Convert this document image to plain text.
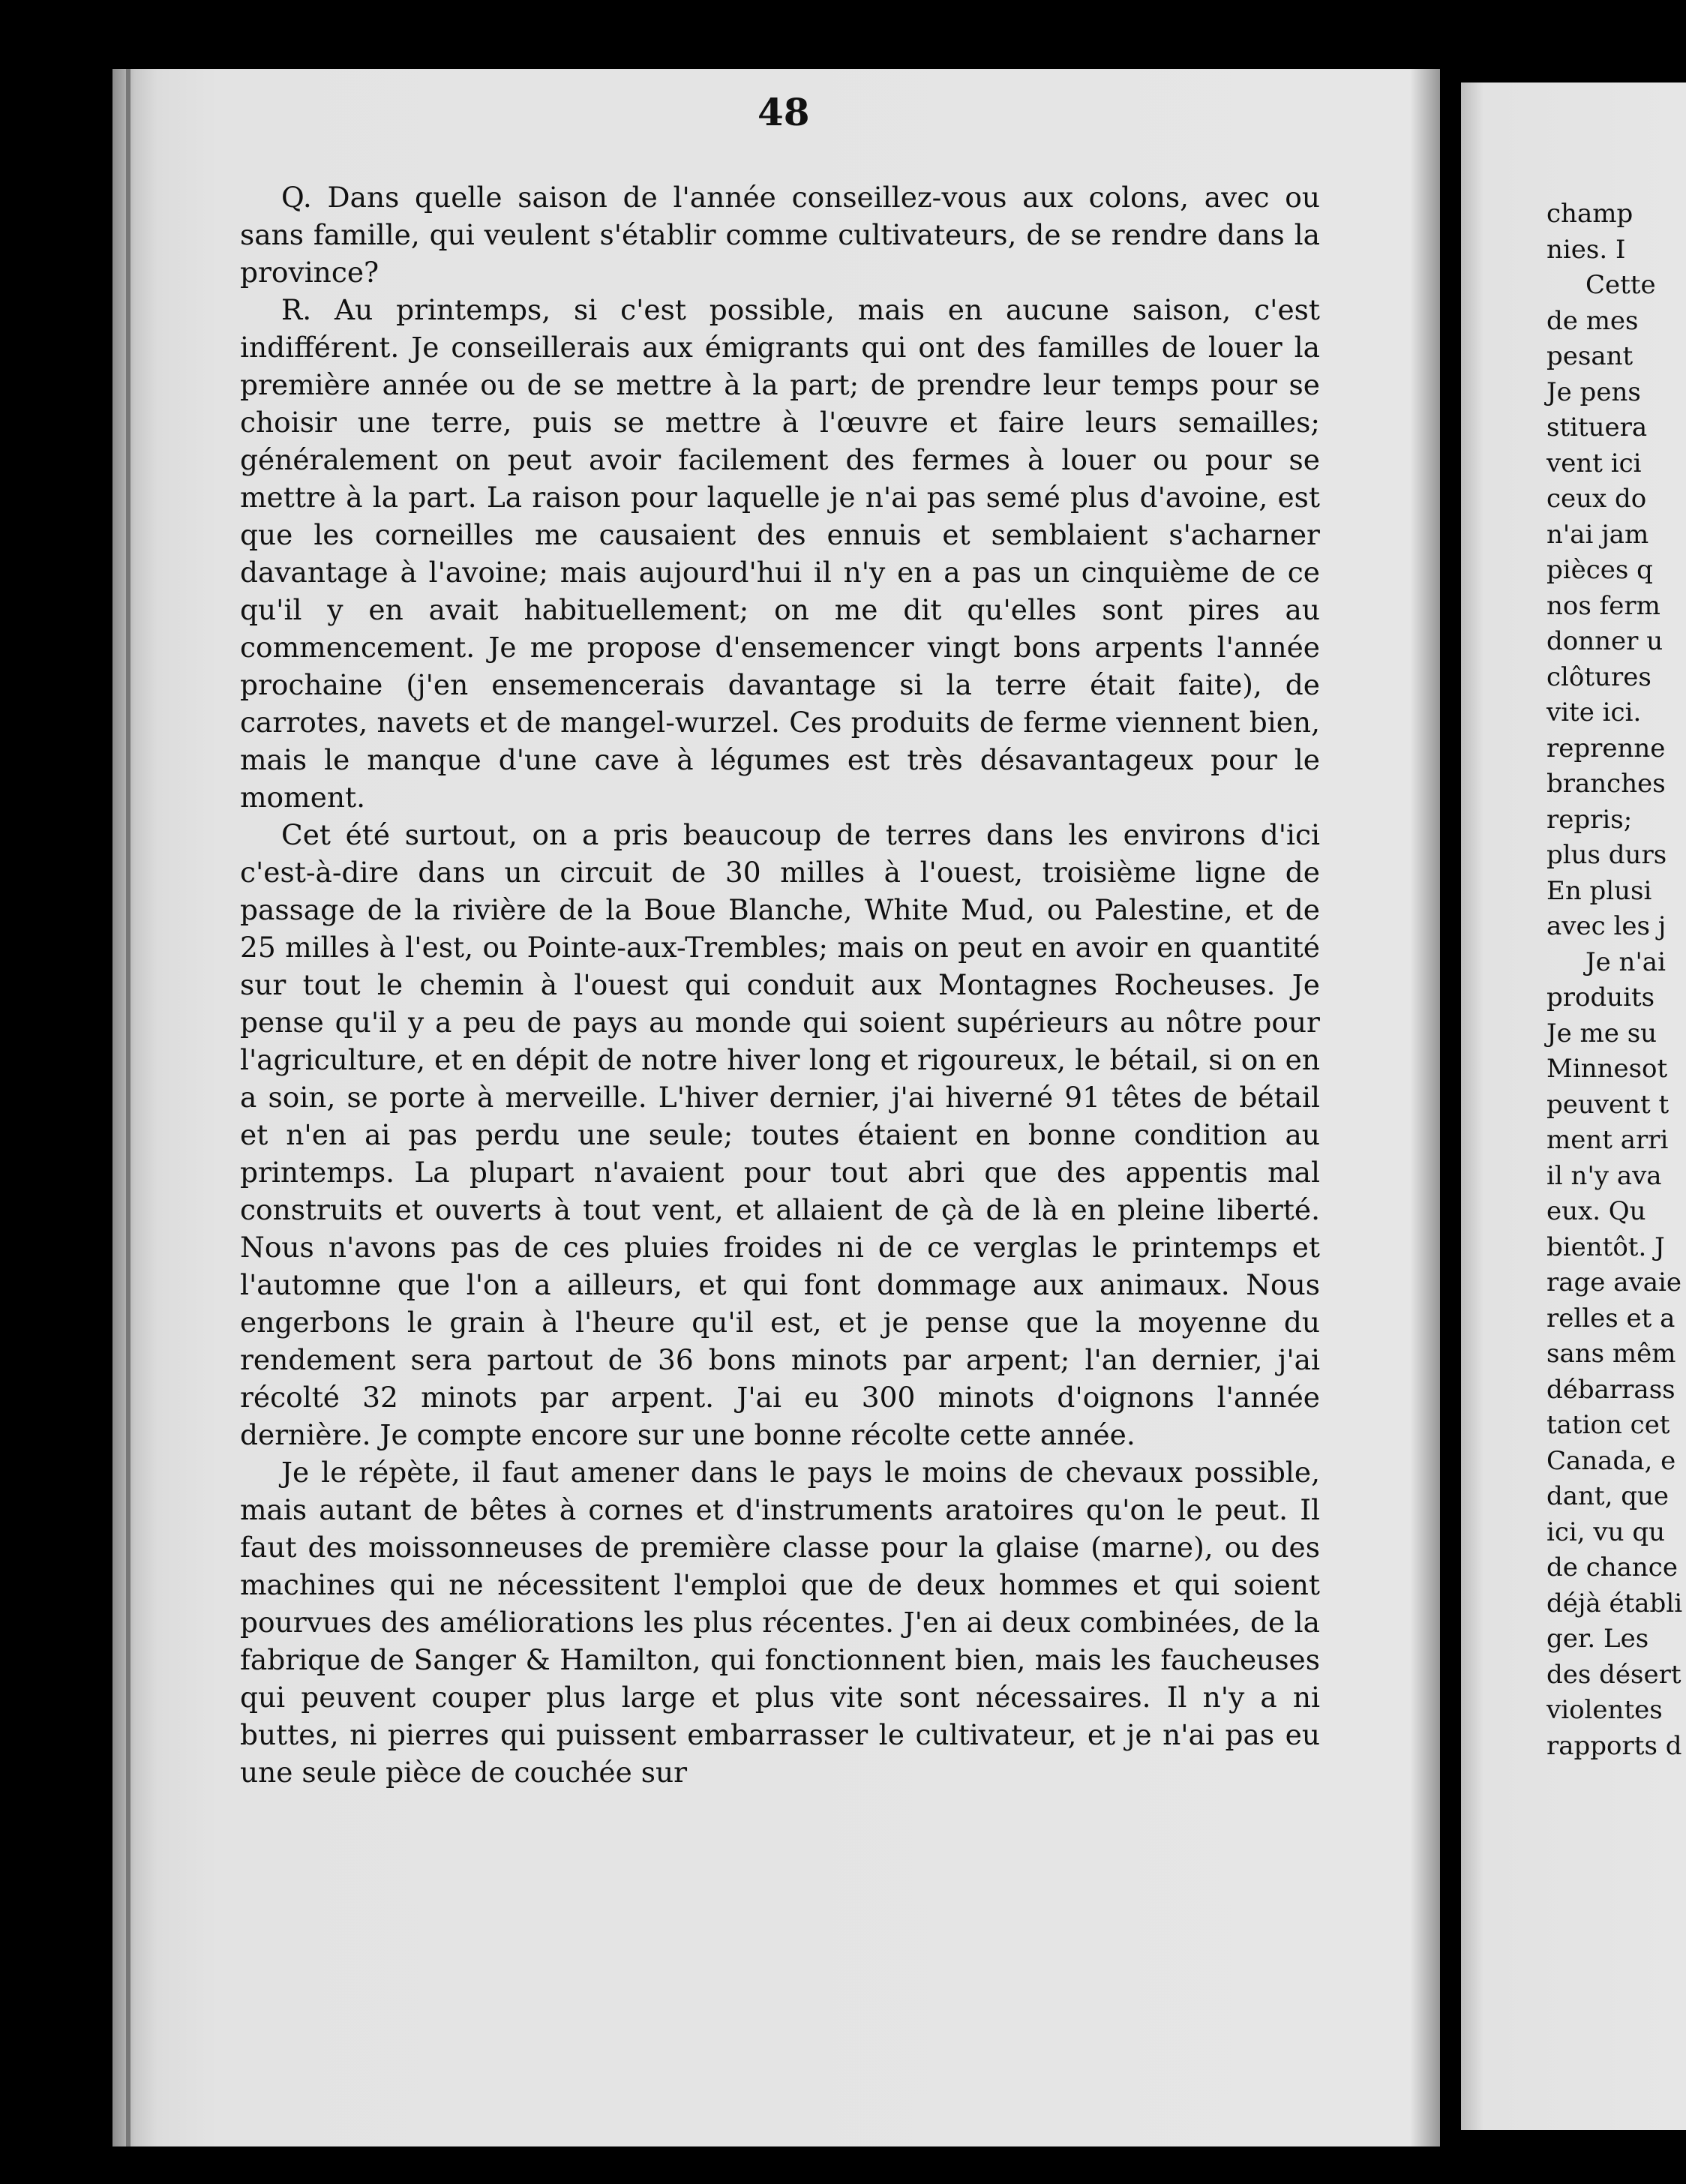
48

Q. Dans quelle saison de l'année conseillez-vous aux colons, avec ou sans famille, qui veulent s'établir comme cultivateurs, de se rendre dans la province?

R. Au printemps, si c'est possible, mais en aucune saison, c'est indifférent. Je conseillerais aux émigrants qui ont des familles de louer la première année ou de se mettre à la part; de prendre leur temps pour se choisir une terre, puis se mettre à l'œuvre et faire leurs semailles; généralement on peut avoir facilement des fermes à louer ou pour se mettre à la part. La raison pour laquelle je n'ai pas semé plus d'avoine, est que les corneilles me causaient des ennuis et semblaient s'acharner davantage à l'avoine; mais aujourd'hui il n'y en a pas un cinquième de ce qu'il y en avait habituellement; on me dit qu'elles sont pires au commencement. Je me propose d'ensemencer vingt bons arpents l'année prochaine (j'en ensemencerais davantage si la terre était faite), de carrotes, navets et de mangel-wurzel. Ces produits de ferme viennent bien, mais le manque d'une cave à légumes est très désavantageux pour le moment.

Cet été surtout, on a pris beaucoup de terres dans les environs d'ici c'est-à-dire dans un circuit de 30 milles à l'ouest, troisième ligne de passage de la rivière de la Boue Blanche, White Mud, ou Palestine, et de 25 milles à l'est, ou Pointe-aux-Trembles; mais on peut en avoir en quantité sur tout le chemin à l'ouest qui conduit aux Montagnes Rocheuses. Je pense qu'il y a peu de pays au monde qui soient supérieurs au nôtre pour l'agriculture, et en dépit de notre hiver long et rigoureux, le bétail, si on en a soin, se porte à merveille. L'hiver dernier, j'ai hiverné 91 têtes de bétail et n'en ai pas perdu une seule; toutes étaient en bonne condition au printemps. La plupart n'avaient pour tout abri que des appentis mal construits et ouverts à tout vent, et allaient de çà de là en pleine liberté. Nous n'avons pas de ces pluies froides ni de ce verglas le printemps et l'automne que l'on a ailleurs, et qui font dommage aux animaux. Nous engerbons le grain à l'heure qu'il est, et je pense que la moyenne du rendement sera partout de 36 bons minots par arpent; l'an dernier, j'ai récolté 32 minots par arpent. J'ai eu 300 minots d'oignons l'année dernière. Je compte encore sur une bonne récolte cette année.

Je le répète, il faut amener dans le pays le moins de chevaux possible, mais autant de bêtes à cornes et d'instruments aratoires qu'on le peut. Il faut des moissonneuses de première classe pour la glaise (marne), ou des machines qui ne nécessitent l'emploi que de deux hommes et qui soient pourvues des améliorations les plus récentes. J'en ai deux combinées, de la fabrique de Sanger & Hamilton, qui fonctionnent bien, mais les faucheuses qui peuvent couper plus large et plus vite sont nécessaires. Il n'y a ni buttes, ni pierres qui puissent embarrasser le cultivateur, et je n'ai pas eu une seule pièce de couchée sur

champ
nies. I
Cette
de mes
pesant
Je pens
stituera
vent ici
ceux do
n'ai jam
pièces q
nos ferm
donner u
clôtures
vite ici.
reprenne
branches
repris;
plus durs
En plusi
avec les j
Je n'ai
produits
Je me su
Minnesot
peuvent t
ment arri
il n'y ava
eux. Qu
bientôt. J
rage avaie
relles et a
sans mêm
débarrass
tation cet
Canada, e
dant, que
ici, vu qu
de chance
déjà établi
ger. Les
des désert
violentes
rapports d
